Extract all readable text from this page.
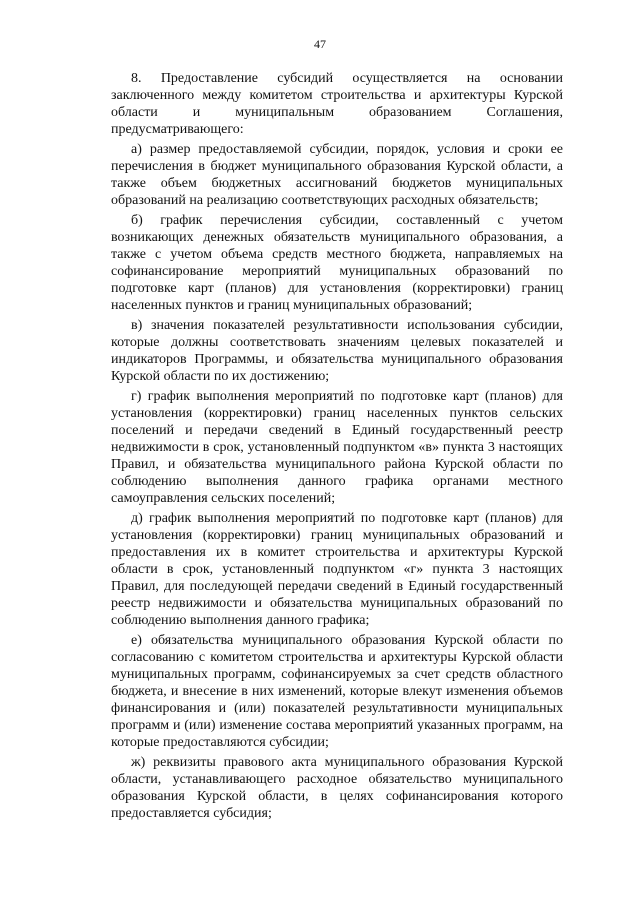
47

8. Предоставление субсидий осуществляется на основании заключенного между комитетом строительства и архитектуры Курской области и муниципальным образованием Соглашения, предусматривающего:

а) размер предоставляемой субсидии, порядок, условия и сроки ее перечисления в бюджет муниципального образования Курской области, а также объем бюджетных ассигнований бюджетов муниципальных образований на реализацию соответствующих расходных обязательств;

б) график перечисления субсидии, составленный с учетом возникающих денежных обязательств муниципального образования, а также с учетом объема средств местного бюджета, направляемых на софинансирование мероприятий муниципальных образований по подготовке карт (планов) для установления (корректировки) границ населенных пунктов и границ муниципальных образований;

в) значения показателей результативности использования субсидии, которые должны соответствовать значениям целевых показателей и индикаторов Программы, и обязательства муниципального образования Курской области по их достижению;

г) график выполнения мероприятий по подготовке карт (планов) для установления (корректировки) границ населенных пунктов сельских поселений и передачи сведений в Единый государственный реестр недвижимости в срок, установленный подпунктом «в» пункта 3 настоящих Правил, и обязательства муниципального района Курской области по соблюдению выполнения данного графика органами местного самоуправления сельских поселений;

д) график выполнения мероприятий по подготовке карт (планов) для установления (корректировки) границ муниципальных образований и предоставления их в комитет строительства и архитектуры Курской области в срок, установленный подпунктом «г» пункта 3 настоящих Правил, для последующей передачи сведений в Единый государственный реестр недвижимости и обязательства муниципальных образований по соблюдению выполнения данного графика;

е) обязательства муниципального образования Курской области по согласованию с комитетом строительства и архитектуры Курской области муниципальных программ, софинансируемых за счет средств областного бюджета, и внесение в них изменений, которые влекут изменения объемов финансирования и (или) показателей результативности муниципальных программ и (или) изменение состава мероприятий указанных программ, на которые предоставляются субсидии;

ж) реквизиты правового акта муниципального образования Курской области, устанавливающего расходное обязательство муниципального образования Курской области, в целях софинансирования которого предоставляется субсидия;
